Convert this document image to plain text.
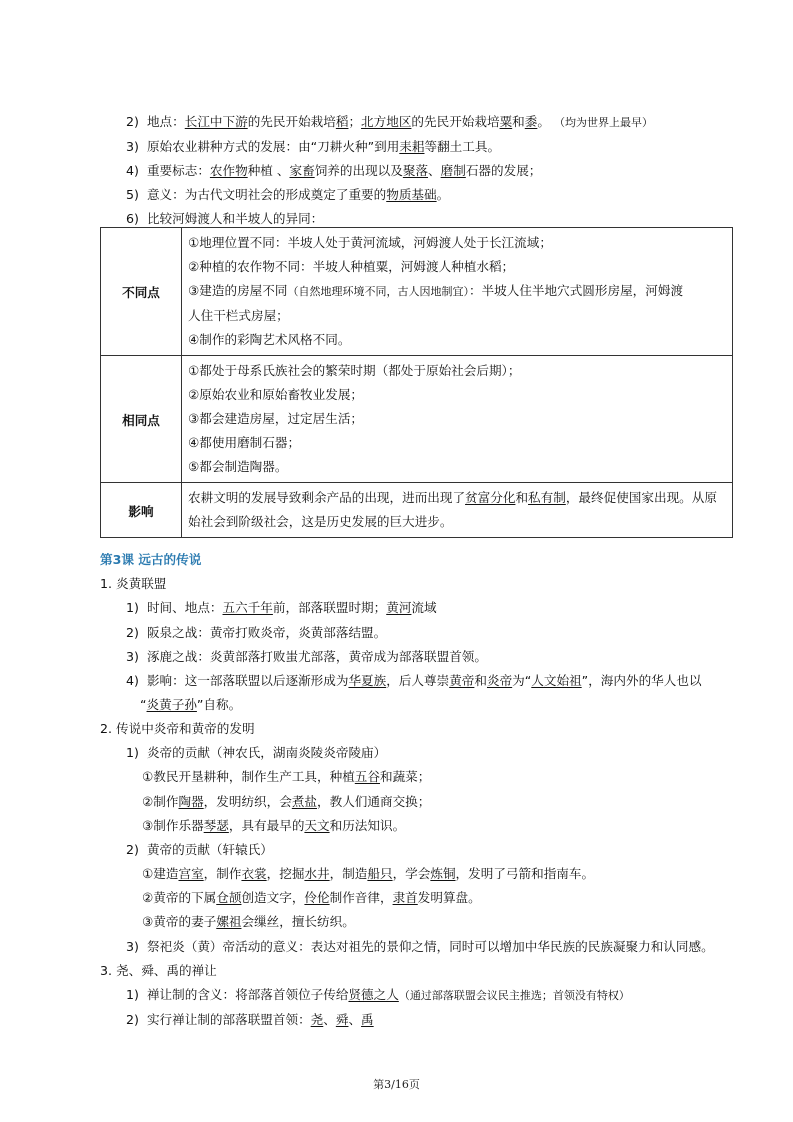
2) 地点：长江中下游的先民开始栽培稻；北方地区的先民开始栽培粟和黍。 （均为世界上最早）
3) 原始农业耕种方式的发展：由“刀耕火种”到用耒耜等翻土工具。
4) 重要标志：农作物种植 、家畜饲养的出现以及聚落、磨制石器的发展；
5) 意义：为古代文明社会的形成奠定了重要的物质基础。
6) 比较河姆渡人和半坡人的异同：
不同点	①地理位置不同：半坡人处于黄河流域，河姆渡人处于长江流域；
②种植的农作物不同：半坡人种植粟，河姆渡人种植水稻；
③建造的房屋不同（自然地理环境不同，古人因地制宜）：半坡人住半地穴式圆形房屋，河姆渡
人住干栏式房屋；
④制作的彩陶艺术风格不同。

相同点	①都处于母系氏族社会的繁荣时期（都处于原始社会后期）；
②原始农业和原始畜牧业发展；
③都会建造房屋，过定居生活；
④都使用磨制石器；
⑤都会制造陶器。

影响	农耕文明的发展导致剩余产品的出现，进而出现了贫富分化和私有制，最终促使国家出现。从原
始社会到阶级社会，这是历史发展的巨大进步。
第3课 远古的传说
1. 炎黄联盟
1) 时间、地点：五六千年前，部落联盟时期；黄河流域
2) 阪泉之战：黄帝打败炎帝，炎黄部落结盟。
3) 涿鹿之战：炎黄部落打败蚩尤部落，黄帝成为部落联盟首领。
4) 影响：这一部落联盟以后逐渐形成为华夏族，后人尊崇黄帝和炎帝为“人文始祖”，海内外的华人也以
“炎黄子孙”自称。
2. 传说中炎帝和黄帝的发明
1) 炎帝的贡献（神农氏，湖南炎陵炎帝陵庙）
①教民开垦耕种，制作生产工具，种植五谷和蔬菜；
②制作陶器，发明纺织，会煮盐，教人们通商交换；
③制作乐器琴瑟，具有最早的天文和历法知识。
2) 黄帝的贡献（轩辕氏）
①建造宫室，制作衣裳，挖掘水井，制造船只，学会炼铜，发明了弓箭和指南车。
②黄帝的下属仓颉创造文字，伶伦制作音律，隶首发明算盘。
③黄帝的妻子嫘祖会缫丝，擅长纺织。
3) 祭祀炎（黄）帝活动的意义：表达对祖先的景仰之情，同时可以增加中华民族的民族凝聚力和认同感。
3. 尧、舜、禹的禅让
1) 禅让制的含义：将部落首领位子传给贤德之人（通过部落联盟会议民主推选；首领没有特权）
2) 实行禅让制的部落联盟首领：尧、舜、禹
第3/16页
